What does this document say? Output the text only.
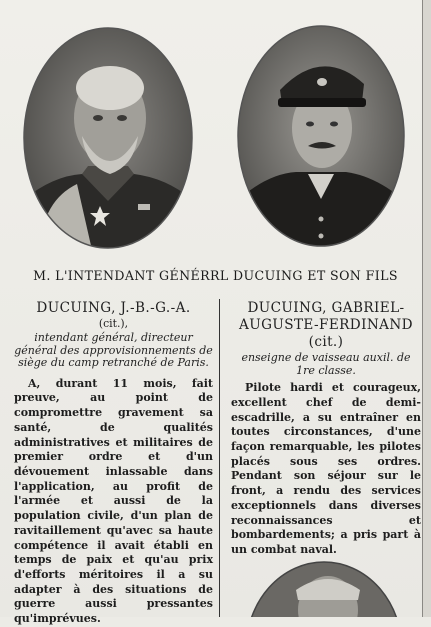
M. L'INTENDANT GÉNÉRRL DUCUING ET SON FILS
DUCUING, J.-B.-G.-A.
(cit.),
intendant général, directeur général des approvisionnements de siège du camp retranché de Paris.
A, durant 11 mois, fait preuve, au point de compromettre gravement sa santé, de qualités administratives et militaires de premier ordre et d'un dévouement inlassable dans l'application, au profit de l'armée et aussi de la population civile, d'un plan de ravitaillement qu'avec sa haute compétence il avait établi en temps de paix et qu'au prix d'efforts méritoires il a su adapter à des situations de guerre aussi pressantes qu'imprévues.
DUCUING, GABRIEL-AUGUSTE-FERDINAND (cit.)
enseigne de vaisseau auxil. de 1re classe.
Pilote hardi et courageux, excellent chef de demi-escadrille, a su entraîner en toutes circonstances, d'une façon remarquable, les pilotes placés sous ses ordres. Pendant son séjour sur le front, a rendu des services exceptionnels dans diverses reconnaissances et bombardements; a pris part à un combat naval.
